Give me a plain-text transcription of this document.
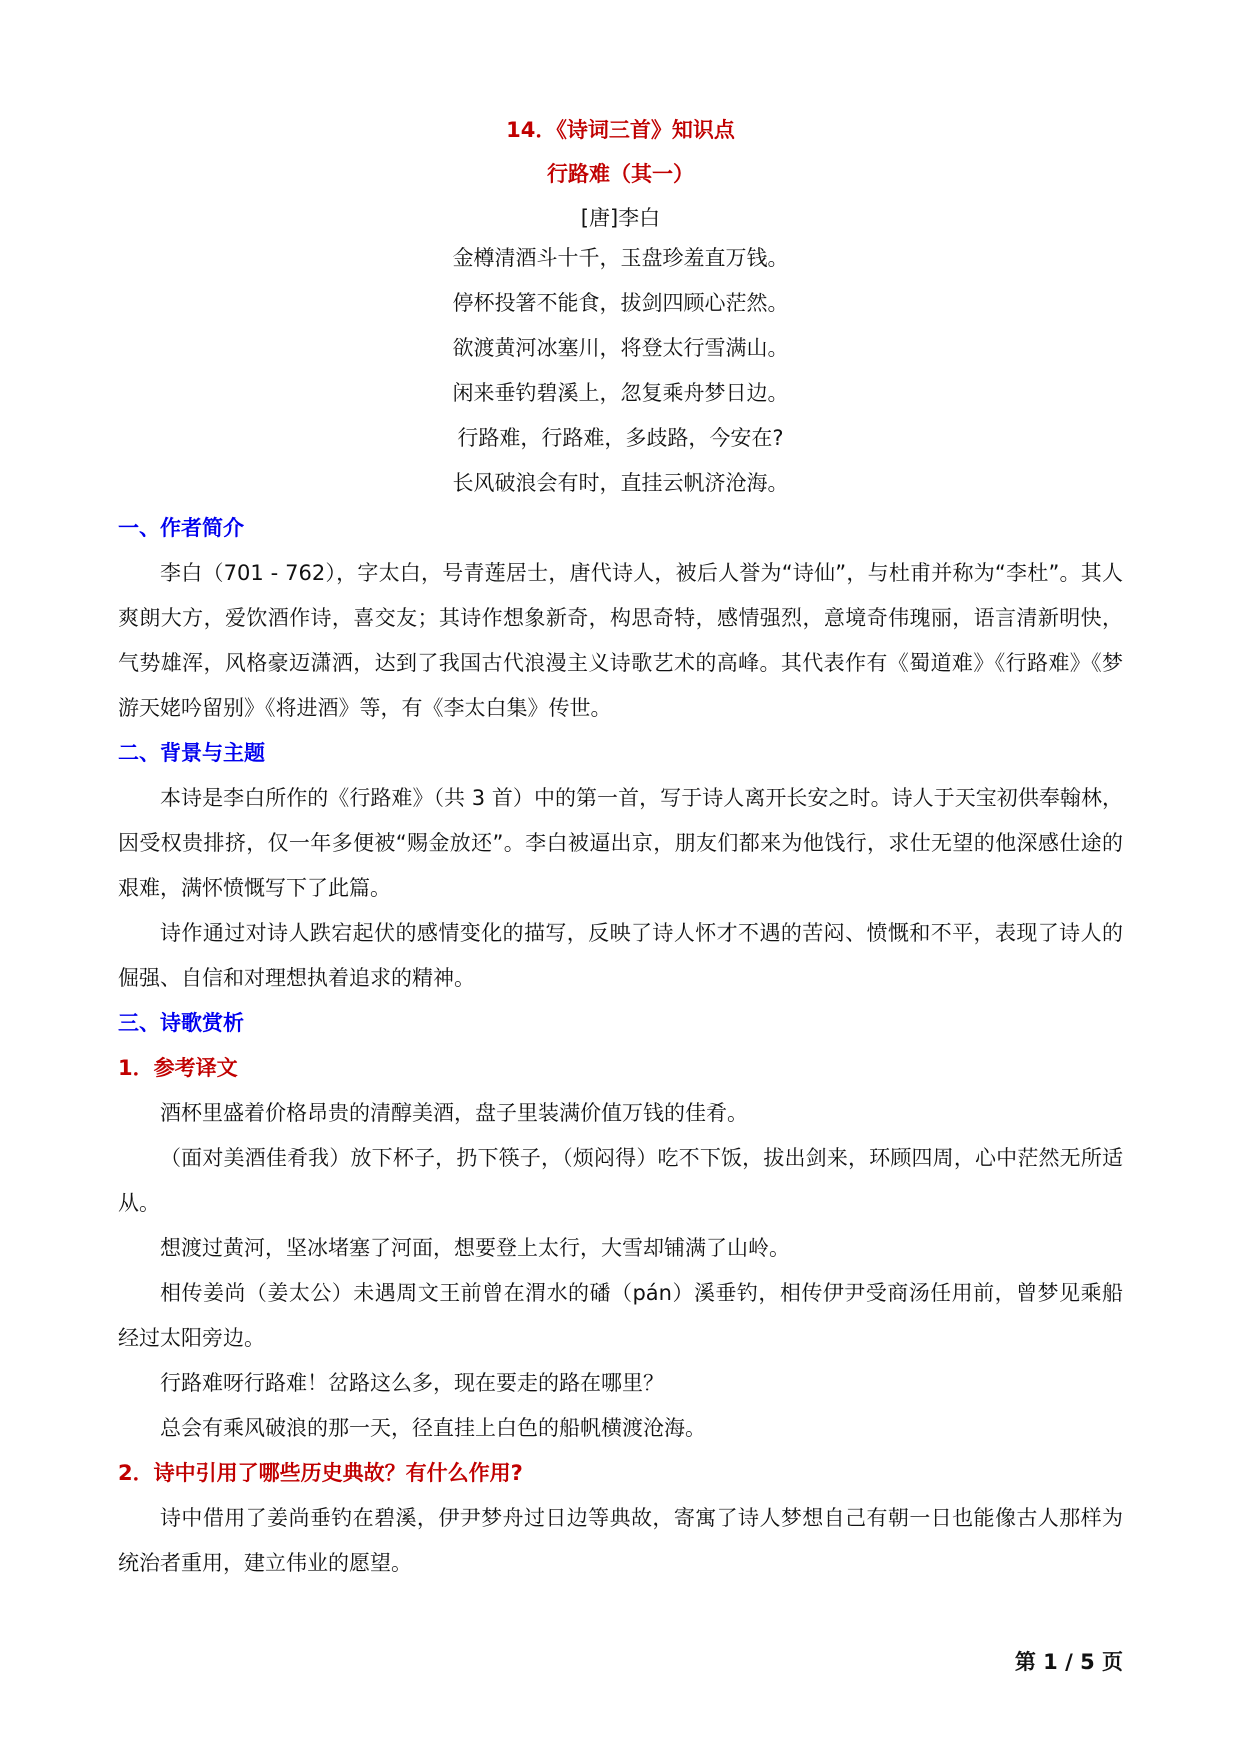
14．《诗词三首》知识点
行路难（其一）
[唐]李白
金樽清酒斗十千，玉盘珍羞直万钱。
停杯投箸不能食，拔剑四顾心茫然。
欲渡黄河冰塞川，将登太行雪满山。
闲来垂钓碧溪上，忽复乘舟梦日边。
行路难，行路难，多歧路，今安在?
长风破浪会有时，直挂云帆济沧海。
一、作者简介

李白（701 - 762），字太白，号青莲居士，唐代诗人，被后人誉为“诗仙”，与杜甫并称为“李杜”。其人爽朗大方，爱饮酒作诗，喜交友；其诗作想象新奇，构思奇特，感情强烈，意境奇伟瑰丽，语言清新明快，气势雄浑，风格豪迈潇洒，达到了我国古代浪漫主义诗歌艺术的高峰。其代表作有《蜀道难》《行路难》《梦游天姥吟留别》《将进酒》等，有《李太白集》传世。

二、背景与主题

本诗是李白所作的《行路难》（共 3 首）中的第一首，写于诗人离开长安之时。诗人于天宝初供奉翰林，因受权贵排挤，仅一年多便被“赐金放还”。李白被逼出京，朋友们都来为他饯行，求仕无望的他深感仕途的艰难，满怀愤慨写下了此篇。

诗作通过对诗人跌宕起伏的感情变化的描写，反映了诗人怀才不遇的苦闷、愤慨和不平，表现了诗人的倔强、自信和对理想执着追求的精神。

三、诗歌赏析
1．参考译文

酒杯里盛着价格昂贵的清醇美酒，盘子里装满价值万钱的佳肴。

（面对美酒佳肴我）放下杯子，扔下筷子，（烦闷得）吃不下饭，拔出剑来，环顾四周，心中茫然无所适从。

想渡过黄河，坚冰堵塞了河面，想要登上太行，大雪却铺满了山岭。

相传姜尚（姜太公）未遇周文王前曾在渭水的磻（pán）溪垂钓，相传伊尹受商汤任用前，曾梦见乘船经过太阳旁边。

行路难呀行路难！岔路这么多，现在要走的路在哪里？

总会有乘风破浪的那一天，径直挂上白色的船帆横渡沧海。

2．诗中引用了哪些历史典故？有什么作用?

诗中借用了姜尚垂钓在碧溪，伊尹梦舟过日边等典故，寄寓了诗人梦想自己有朝一日也能像古人那样为统治者重用，建立伟业的愿望。

第 1 / 5 页
